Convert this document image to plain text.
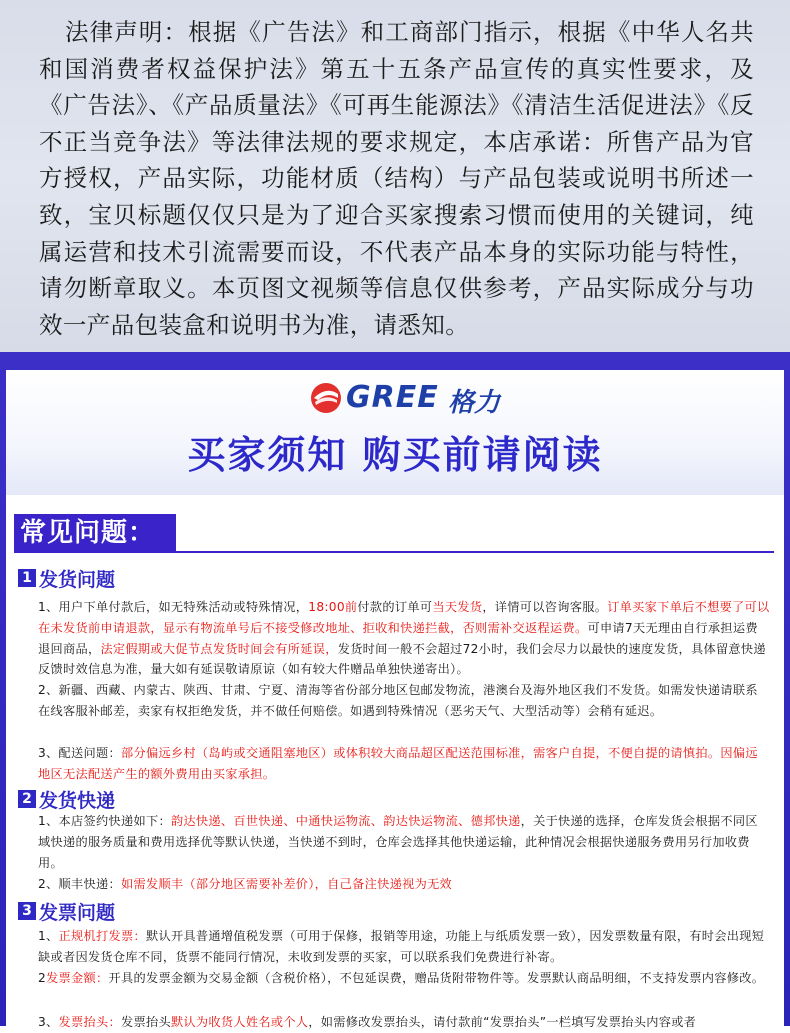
法律声明：根据《广告法》和工商部门指示，根据《中华人名共和国消费者权益保护法》第五十五条产品宣传的真实性要求，及《广告法》、《产品质量法》《可再生能源法》《清洁生活促进法》《反不正当竞争法》等法律法规的要求规定，本店承诺：所售产品为官方授权，产品实际，功能材质（结构）与产品包装或说明书所述一致，宝贝标题仅仅只是为了迎合买家搜索习惯而使用的关键词，纯属运营和技术引流需要而设，不代表产品本身的实际功能与特性，请勿断章取义。本页图文视频等信息仅供参考，产品实际成分与功效一产品包装盒和说明书为准，请悉知。

GREE 格力
买家须知 购买前请阅读
常见问题：
1 发货问题

1、用户下单付款后，如无特殊活动或特殊情况，18:00前付款的订单可当天发货，详情可以咨询客服。订单买家下单后不想要了可以在未发货前申请退款，显示有物流单号后不接受修改地址、拒收和快递拦截，否则需补交返程运费。可申请7天无理由自行承担运费退回商品，法定假期或大促节点发货时间会有所延误，发货时间一般不会超过72小时，我们会尽力以最快的速度发货，具体留意快递反馈时效信息为准，量大如有延误敬请原谅（如有较大件赠品单独快递寄出）。

2、新疆、西藏、内蒙古、陕西、甘肃、宁夏、清海等省份部分地区包邮发物流，港澳台及海外地区我们不发货。如需发快递请联系在线客服补邮差，卖家有权拒绝发货，并不做任何赔偿。如遇到特殊情况（恶劣天气、大型活动等）会稍有延迟。

3、配送问题：部分偏远乡村（岛屿或交通阻塞地区）或体积较大商品超区配送范围标准，需客户自提，不便自提的请慎拍。因偏远地区无法配送产生的额外费用由买家承担。

2 发货快递

1、本店签约快递如下：韵达快递、百世快递、中通快运物流、韵达快运物流、德邦快递，关于快递的选择，仓库发货会根据不同区域快递的服务质量和费用选择优等默认快递，当快递不到时，仓库会选择其他快递运输，此种情况会根据快递服务费用另行加收费用。

2、顺丰快递：如需发顺丰（部分地区需要补差价），自己备注快递视为无效

3 发票问题

1、正规机打发票：默认开具普通增值税发票（可用于保修，报销等用途，功能上与纸质发票一致），因发票数量有限，有时会出现短缺或者因发货仓库不同，货票不能同行情况，未收到发票的买家，可以联系我们免费进行补寄。

2发票金额：开具的发票金额为交易金额（含税价格），不包延误费，赠品货附带物件等。发票默认商品明细，不支持发票内容修改。

3、发票抬头：发票抬头默认为收货人姓名或个人，如需修改发票抬头，请付款前“发票抬头”一栏填写发票抬头内容或者
